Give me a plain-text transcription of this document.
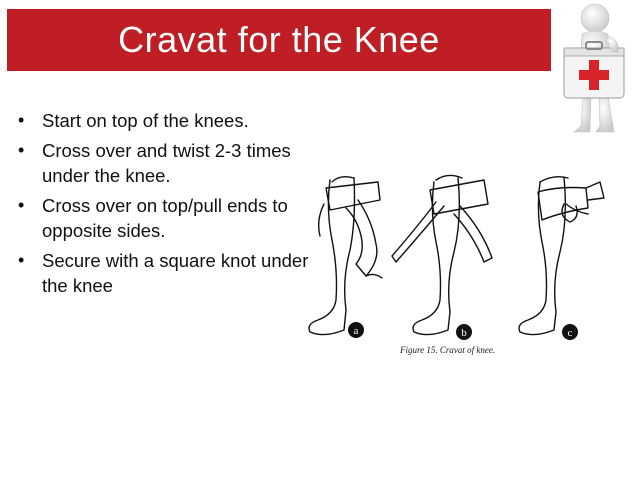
Cravat for the Knee
• Start on top of the knees.
• Cross over and twist 2-3 times under the knee.
• Cross over on top/pull ends to opposite sides.
• Secure with a square knot under the knee
a	b	c
Figure 15. Cravat of knee.
